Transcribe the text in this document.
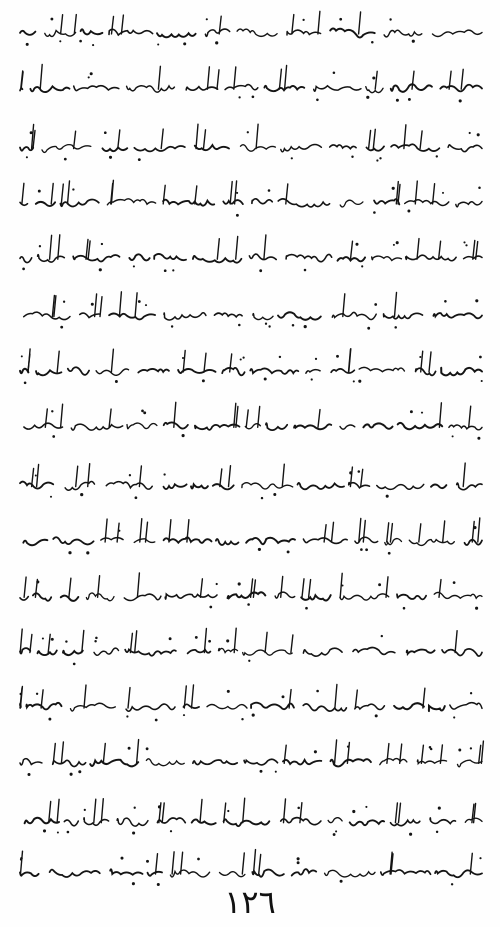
١٢٦
